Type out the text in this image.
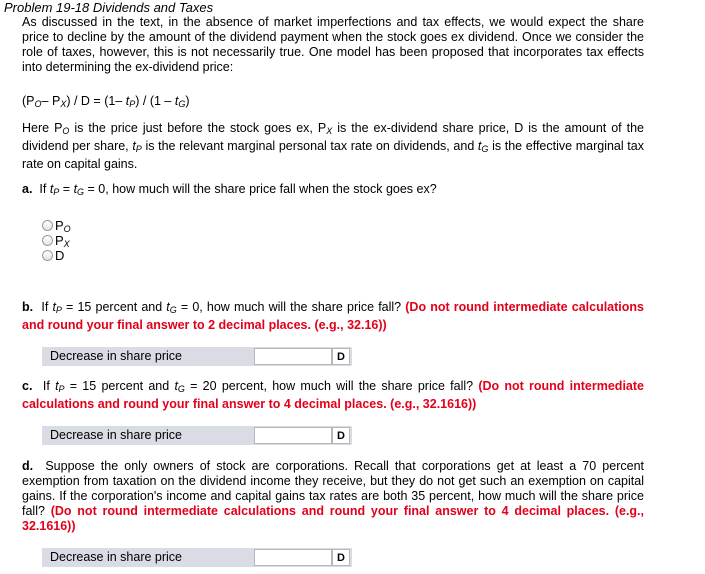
Problem 19-18 Dividends and Taxes
As discussed in the text, in the absence of market imperfections and tax effects, we would expect the share price to decline by the amount of the dividend payment when the stock goes ex dividend. Once we consider the role of taxes, however, this is not necessarily true. One model has been proposed that incorporates tax effects into determining the ex-dividend price:
($P_O-$ $P_X) / D = (1-$ $t_P) / (1 - t_G)$
Here $P_O$ is the price just before the stock goes ex, $P_X$ is the ex-dividend share price, D is the amount of the dividend per share, $t_P$ is the relevant marginal personal tax rate on dividends, and $t_G$ is the effective marginal tax rate on capital gains.
a. If $t_P = t_G = 0$, how much will the share price fall when the stock goes ex?
$P_O$
$P_X$
D
b. If $t_P = 15$ percent and $t_G = 0$, how much will the share price fall? (Do not round intermediate calculations and round your final answer to 2 decimal places. (e.g., 32.16))
Decrease in share price	D
c. If $t_P = 15$ percent and $t_G = 20$ percent, how much will the share price fall? (Do not round intermediate calculations and round your final answer to 4 decimal places. (e.g., 32.1616))
Decrease in share price	D
d. Suppose the only owners of stock are corporations. Recall that corporations get at least a 70 percent exemption from taxation on the dividend income they receive, but they do not get such an exemption on capital gains. If the corporation's income and capital gains tax rates are both 35 percent, how much will the share price fall? (Do not round intermediate calculations and round your final answer to 4 decimal places. (e.g., 32.1616))
Decrease in share price	D
